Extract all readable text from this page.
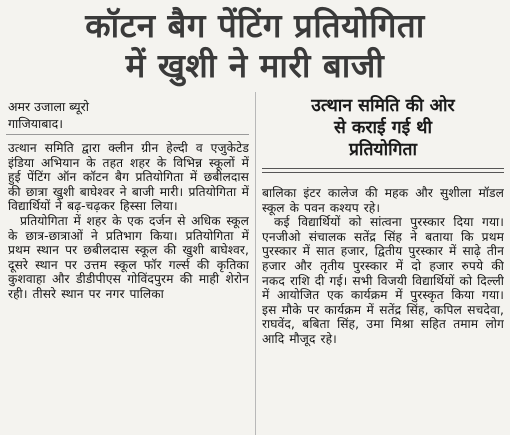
कॉटन बैग पेंटिंग प्रतियोगिता
में खुशी ने मारी बाजी
अमर उजाला ब्यूरो
गाजियाबाद।

उत्थान समिति द्वारा क्लीन ग्रीन हेल्दी व एजुकेटेड इंडिया अभियान के तहत शहर के विभिन्न स्कूलों में हुई पेंटिंग ऑन कॉटन बैग प्रतियोगिता में छबीलदास की छात्रा खुशी बाघेश्वर ने बाजी मारी। प्रतियोगिता में विद्यार्थियों ने बढ़-चढ़कर हिस्सा लिया।

प्रतियोगिता में शहर के एक दर्जन से अधिक स्कूल के छात्र-छात्राओं ने प्रतिभाग किया। प्रतियोगिता में प्रथम स्थान पर छबीलदास स्कूल की खुशी बाघेश्वर, दूसरे स्थान पर उत्तम स्कूल फॉर गर्ल्स की कृतिका कुशवाहा और डीडीपीएस गोविंदपुरम की माही शेरोन रही। तीसरे स्थान पर नगर पालिका

उत्थान समिति की ओर
से कराई गई थी
प्रतियोगिता

बालिका इंटर कालेज की महक और सुशीला मॉडल स्कूल के पवन कश्यप रहे।

कई विद्यार्थियों को सांत्वना पुरस्कार दिया गया। एनजीओ संचालक सतेंद्र सिंह ने बताया कि प्रथम पुरस्कार में सात हजार, द्वितीय पुरस्कार में साढ़े तीन हजार और तृतीय पुरस्कार में दो हजार रुपये की नकद राशि दी गई। सभी विजयी विद्यार्थियों को दिल्ली में आयोजित एक कार्यक्रम में पुरस्कृत किया गया। इस मौके पर कार्यक्रम में सतेंद्र सिंह, कपिल सचदेवा, राघवेंद, बबिता सिंह, उमा मिश्रा सहित तमाम लोग आदि मौजूद रहे।
